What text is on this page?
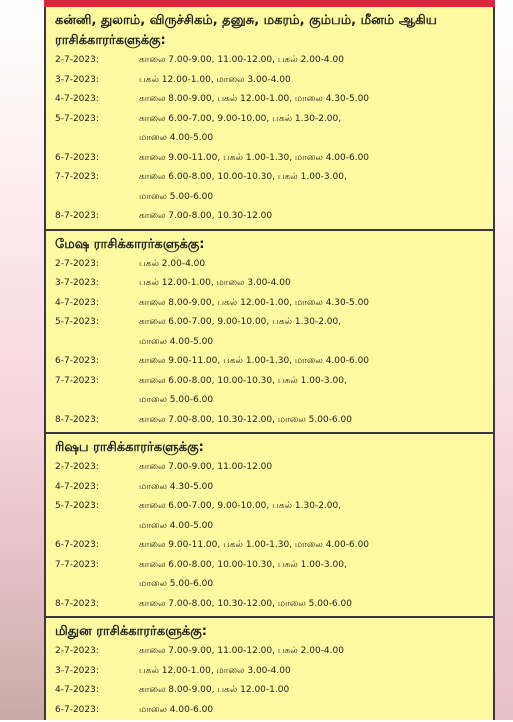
கன்னி, துலாம், விருச்சிகம், தனுசு, மகரம், கும்பம், மீனம் ஆகிய ராசிக்காரர்களுக்கு:
2-7-2023:	காலை 7.00-9.00, 11.00-12.00, பகல் 2.00-4.00
3-7-2023:	பகல் 12.00-1.00, மாலை 3.00-4.00
4-7-2023:	காலை 8.00-9.00, பகல் 12.00-1.00, மாலை 4.30-5.00
5-7-2023:	காலை 6.00-7.00, 9.00-10.00, பகல் 1.30-2.00,
மாலை 4.00-5.00
6-7-2023:	காலை 9.00-11.00, பகல் 1.00-1.30, மாலை 4.00-6.00
7-7-2023:	காலை 6.00-8.00, 10.00-10.30, பகல் 1.00-3.00,
மாலை 5.00-6.00
8-7-2023:	காலை 7.00-8.00, 10.30-12.00
மேஷ ராசிக்காரர்களுக்கு:
2-7-2023:	பகல் 2.00-4.00
3-7-2023:	பகல் 12.00-1.00, மாலை 3.00-4.00
4-7-2023:	காலை 8.00-9.00, பகல் 12.00-1.00, மாலை 4.30-5.00
5-7-2023:	காலை 6.00-7.00, 9.00-10.00, பகல் 1.30-2.00,
மாலை 4.00-5.00
6-7-2023:	காலை 9.00-11.00, பகல் 1.00-1.30, மாலை 4.00-6.00
7-7-2023:	காலை 6.00-8.00, 10.00-10.30, பகல் 1.00-3.00,
மாலை 5.00-6.00
8-7-2023:	காலை 7.00-8.00, 10.30-12.00, மாலை 5.00-6.00
ரிஷப ராசிக்காரர்களுக்கு:
2-7-2023:	காலை 7.00-9.00, 11.00-12.00
4-7-2023:	மாலை 4.30-5.00
5-7-2023:	காலை 6.00-7.00, 9.00-10.00, பகல் 1.30-2.00,
மாலை 4.00-5.00
6-7-2023:	காலை 9.00-11.00, பகல் 1.00-1.30, மாலை 4.00-6.00
7-7-2023:	காலை 6.00-8.00, 10.00-10.30, பகல் 1.00-3.00,
மாலை 5.00-6.00
8-7-2023:	காலை 7.00-8.00, 10.30-12.00, மாலை 5.00-6.00
மிதுன ராசிக்காரர்களுக்கு:
2-7-2023:	காலை 7.00-9.00, 11.00-12.00, பகல் 2.00-4.00
3-7-2023:	பகல் 12.00-1.00, மாலை 3.00-4.00
4-7-2023:	காலை 8.00-9.00, பகல் 12.00-1.00
6-7-2023:	மாலை 4.00-6.00
